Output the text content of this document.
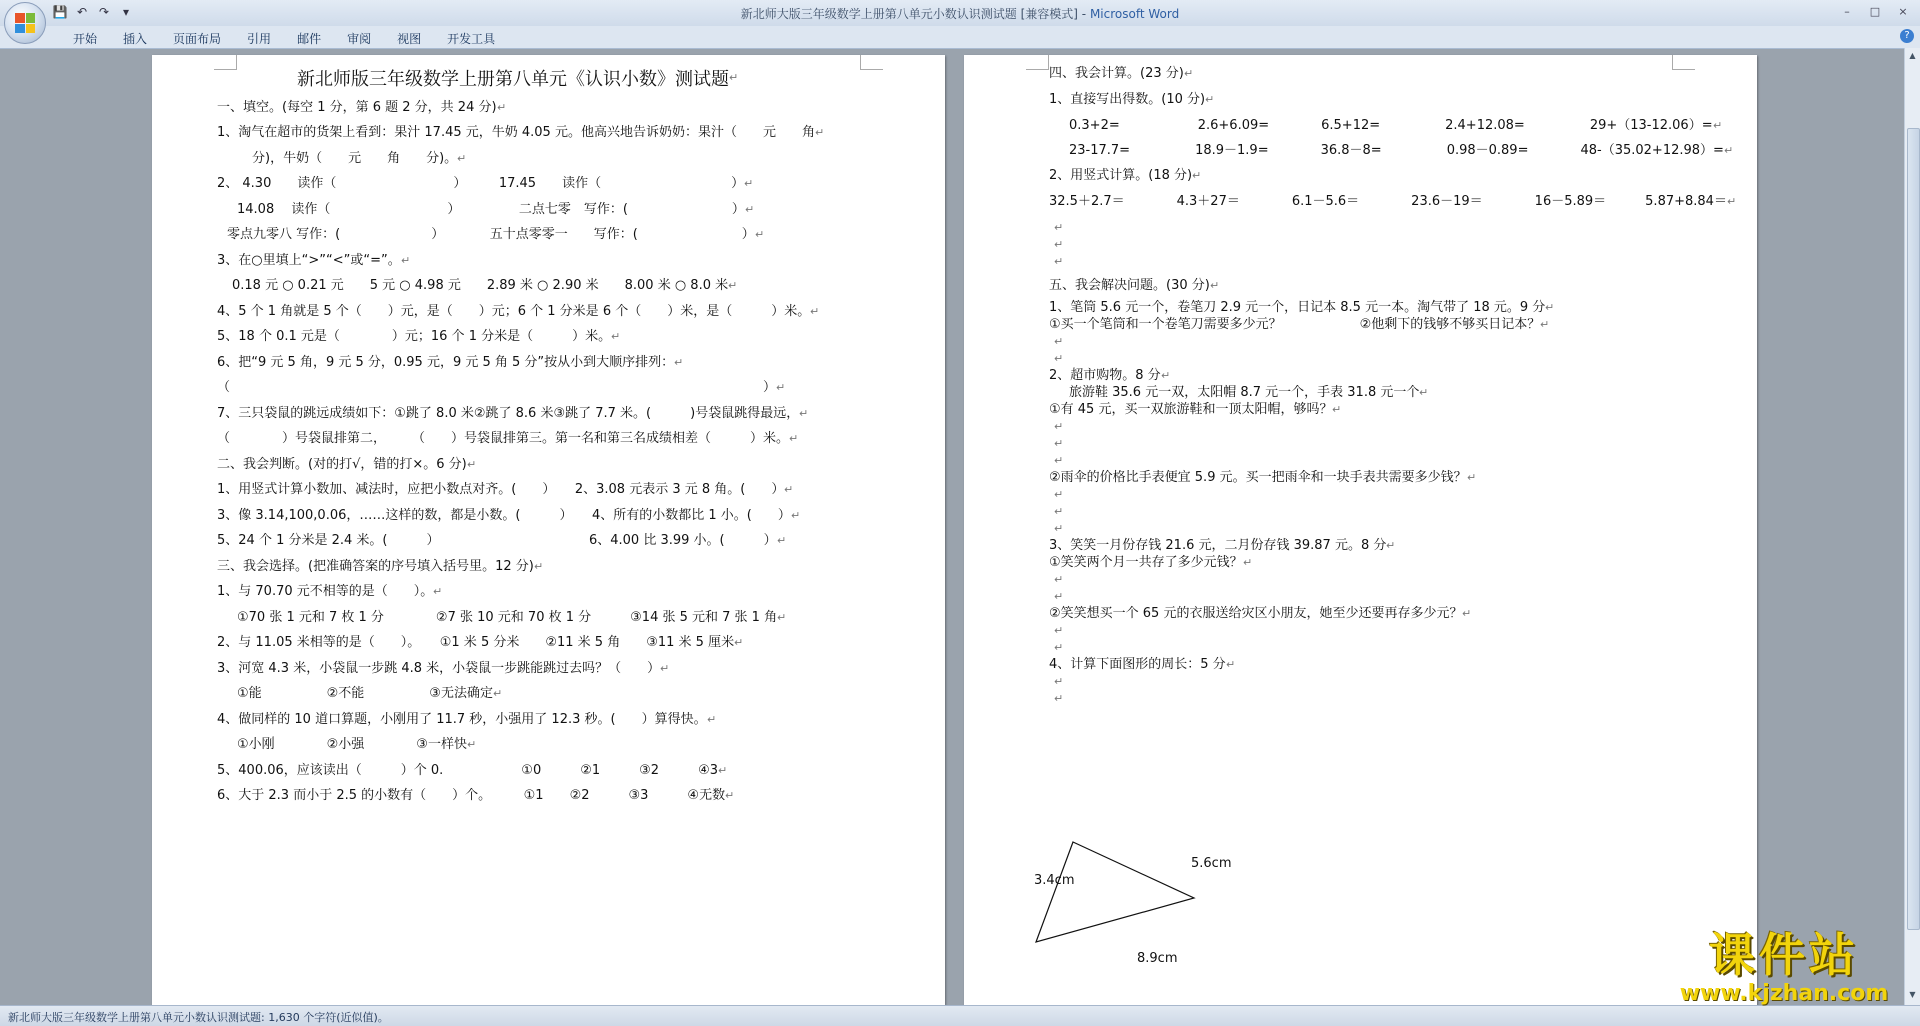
💾 ↶ ↷	▾	新北师大版三年级数学上册第八单元小数认识测试题 [兼容模式] - Microsoft Word	–	□	×
开始	插入	页面布局	引用	邮件	审阅	视图	开发工具	?
新北师版三年级数学上册第八单元《认识小数》测试题 ↵
一、填空。(每空 1 分，第 6 题 2 分，共 24 分) ↵
1、淘气在超市的货架上看到：果汁 17.45 元，牛奶 4.05 元。他高兴地告诉奶奶：果汁（　　元　　角 ↵
分)，牛奶（　　元　　角　　分)。 ↵
2、 4.30　　读作（　　　　　　　　　）　　　17.45　　读作（　　　　　　　　　　） ↵
14.08　 读作（　　　　　　　　　）　　　　　二点七零　写作：(　　　　　　　　） ↵
零点九零八 写作：(　　　　　　　）　　　　五十点零零一　　写作：(　　　　　　　　） ↵
3、在○里填上“>”“<”或“=”。 ↵
0.18 元 ○ 0.21 元　　5 元 ○ 4.98 元　　2.89 米 ○ 2.90 米　　8.00 米 ○ 8.0 米 ↵
4、5 个 1 角就是 5 个（　　）元，是（　　）元；6 个 1 分米是 6 个（　　）米，是（　　　）米。 ↵
5、18 个 0.1 元是（　　　　）元；16 个 1 分米是（　　　）米。 ↵
6、把“9 元 5 角，9 元 5 分，0.95 元，9 元 5 角 5 分”按从小到大顺序排列： ↵
（　　　　　　　　　　　　　　　　　　　　　　　　　　　　　　　　　　　　　　　　　） ↵
7、三只袋鼠的跳远成绩如下：①跳了 8.0 米②跳了 8.6 米③跳了 7.7 米。(　　　)号袋鼠跳得最远， ↵
（　　　　）号袋鼠排第二，　　　（　　）号袋鼠排第三。第一名和第三名成绩相差（　　　）米。 ↵
二、我会判断。(对的打√，错的打×。6 分) ↵
1、用竖式计算小数加、减法时，应把小数点对齐。(　　）　　2、3.08 元表示 3 元 8 角。(　　） ↵
3、像 3.14,100,0.06，……这样的数，都是小数。(　　　）　　4、所有的小数都比 1 小。(　　） ↵
5、24 个 1 分米是 2.4 米。(　　　）　　　　　　　　　　　　6、4.00 比 3.99 小。(　　　） ↵
三、我会选择。(把准确答案的序号填入括号里。12 分) ↵
1、与 70.70 元不相等的是（　　）。 ↵
①70 张 1 元和 7 枚 1 分　　　　②7 张 10 元和 70 枚 1 分　　　③14 张 5 元和 7 张 1 角 ↵
2、与 11.05 米相等的是（　　）。　　①1 米 5 分米　　②11 米 5 角　　③11 米 5 厘米 ↵
3、河宽 4.3 米，小袋鼠一步跳 4.8 米，小袋鼠一步跳能跳过去吗？（　　） ↵
①能　　　　　②不能　　　　　③无法确定 ↵
4、做同样的 10 道口算题，小刚用了 11.7 秒，小强用了 12.3 秒。(　　）算得快。 ↵
①小刚　　　　②小强　　　　③一样快 ↵
5、400.06，应该读出（　　　）个 0.　　　　　　①0　　　②1　　　③2　　　④3 ↵
6、大于 2.3 而小于 2.5 的小数有（　　）个。　　　①1　　②2　　　③3　　　④无数 ↵
四、我会计算。(23 分) ↵
1、直接写出得数。(10 分) ↵
0.3+2=　　　　　　2.6+6.09=　　　　6.5+12=　　　　　2.4+12.08=　　　　　29+（13-12.06）= ↵
23-17.7=　　　　　18.9－1.9=　　　　36.8－8=　　　　　0.98－0.89=　　　　48-（35.02+12.98）= ↵
2、用竖式计算。(18 分) ↵
32.5＋2.7＝　　　　4.3＋27＝　　　　6.1－5.6＝　　　　23.6－19＝　　　　16－5.89＝　　　5.87+8.84＝ ↵
五、我会解决问题。(30 分) ↵
1、笔筒 5.6 元一个，卷笔刀 2.9 元一个，日记本 8.5 元一本。淘气带了 18 元。9 分 ↵
①买一个笔筒和一个卷笔刀需要多少元？　　　　　　②他剩下的钱够不够买日记本？ ↵
2、超市购物。8 分 ↵
旅游鞋 35.6 元一双，太阳帽 8.7 元一个，手表 31.8 元一个 ↵
①有 45 元，买一双旅游鞋和一顶太阳帽，够吗？ ↵
②雨伞的价格比手表便宜 5.9 元。买一把雨伞和一块手表共需要多少钱？ ↵
3、笑笑一月份存钱 21.6 元，二月份存钱 39.87 元。8 分 ↵
①笑笑两个月一共存了多少元钱？ ↵
②笑笑想买一个 65 元的衣服送给灾区小朋友，她至少还要再存多少元？ ↵
4、计算下面图形的周长：5 分 ↵
↵
↵
↵
↵
↵
↵
↵
↵
↵
↵
↵
↵
↵
↵
↵
↵
↵
3.4cm
5.6cm
8.9cm
▲
▼
新北师大版三年级数学上册第八单元小数认识测试题: 1,630 个字符(近似值)。
课件站
www.kjzhan.com
